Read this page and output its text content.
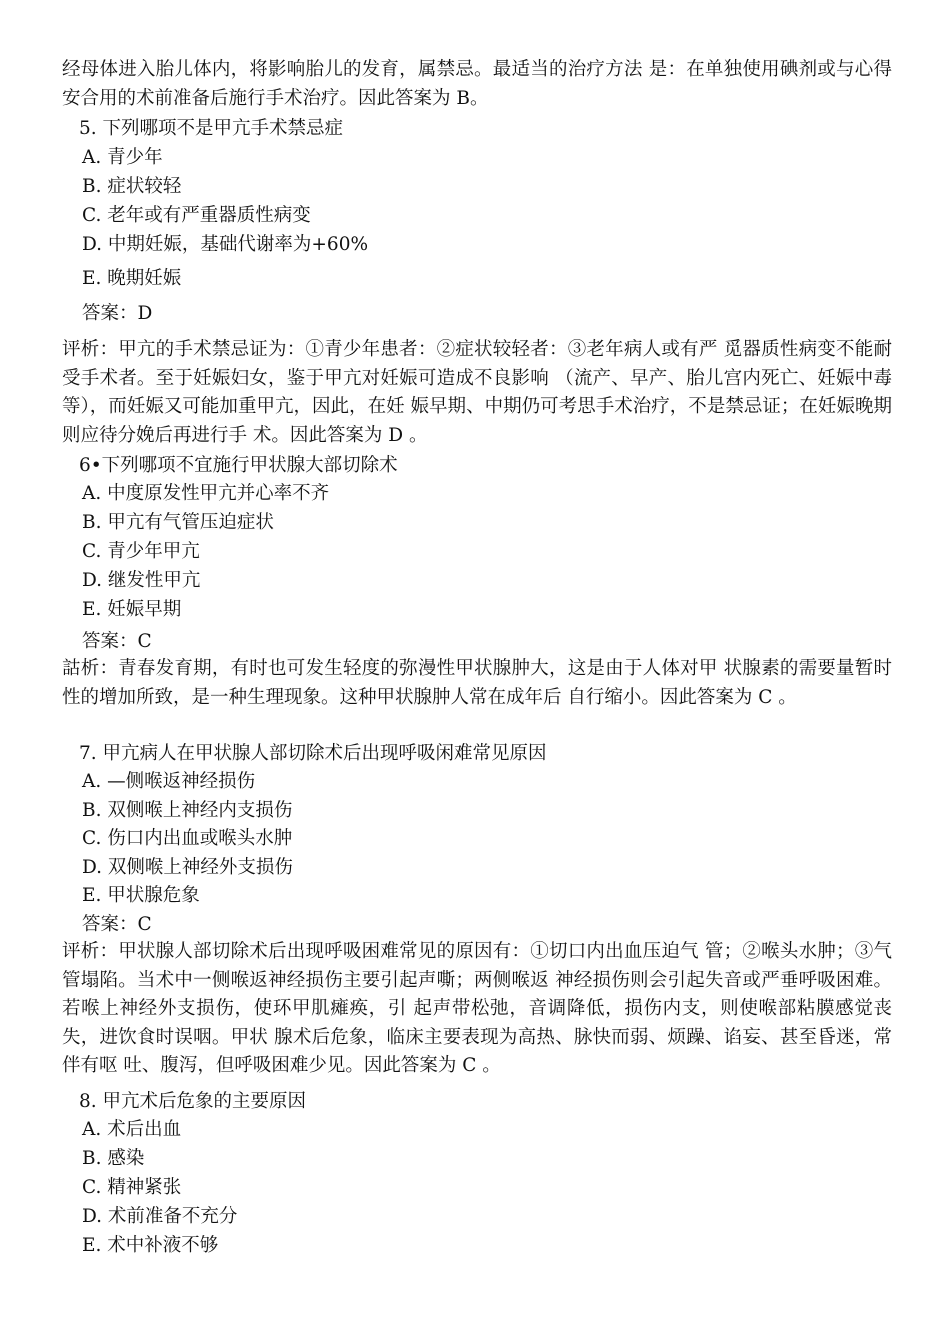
经母体进入胎儿体内，将影响胎儿的发育，属禁忌。最适当的治疗方法 是：在单独使用碘剂或与心得安合用的术前准备后施行手术治疗。因此答案为 B。
5. 下列哪项不是甲亢手术禁忌症
A. 青少年
B. 症状较轻
C. 老年或有严重器质性病变
D. 中期妊娠，基础代谢率为+60%
E. 晚期妊娠
答案：D
评析：甲亢的手术禁忌证为：①青少年患者：②症状较轻者：③老年病人或有严 觅器质性病变不能耐受手术者。至于妊娠妇女，鉴于甲亢对妊娠可造成不良影响 （流产、早产、胎儿宫内死亡、妊娠中毒等），而妊娠又可能加重甲亢，因此，在妊 娠早期、中期仍可考思手术治疗，不是禁忌证；在妊娠晚期则应待分娩后再进行手 术。因此答案为 D 。
6•下列哪项不宜施行甲状腺大部切除术
A. 中度原发性甲亢并心率不齐
B. 甲亢有气管压迫症状
C. 青少年甲亢
D. 继发性甲亢
E. 妊娠早期
答案：C
詁析：青春发育期，有时也可发生轻度的弥漫性甲状腺肿大，这是由于人体对甲 状腺素的需要量暂时性的增加所致，是一种生理现象。这种甲状腺肿人常在成年后 自行缩小。因此答案为 C 。
7. 甲亢病人在甲状腺人部切除术后出现呼吸闲难常见原因
A. —侧喉返神经损伤
B. 双侧喉上神经内支损伤
C. 伤口内出血或喉头水肿
D. 双侧喉上神经外支损伤
E. 甲状腺危象
答案：C
评析：甲状腺人部切除术后出现呼吸困难常见的原因有：①切口内出血压迫气 管；②喉头水肿；③气管塌陷。当术中一侧喉返神经损伤主要引起声嘶；两侧喉返 神经损伤则会引起失音或严垂呼吸困难。若喉上神经外支损伤，使环甲肌瘫痪，引 起声带松弛，音调降低，损伤内支，则使喉部粘膜感觉丧失，进饮食时误咽。甲状 腺术后危象，临床主要表现为高热、脉快而弱、烦躁、谄妄、甚至昏迷，常伴有呕 吐、腹泻，但呼吸困难少见。因此答案为 C 。
8. 甲亢术后危象的主要原因
A. 术后出血
B. 感染
C. 精神紧张
D. 术前准备不充分
E. 术中补液不够
